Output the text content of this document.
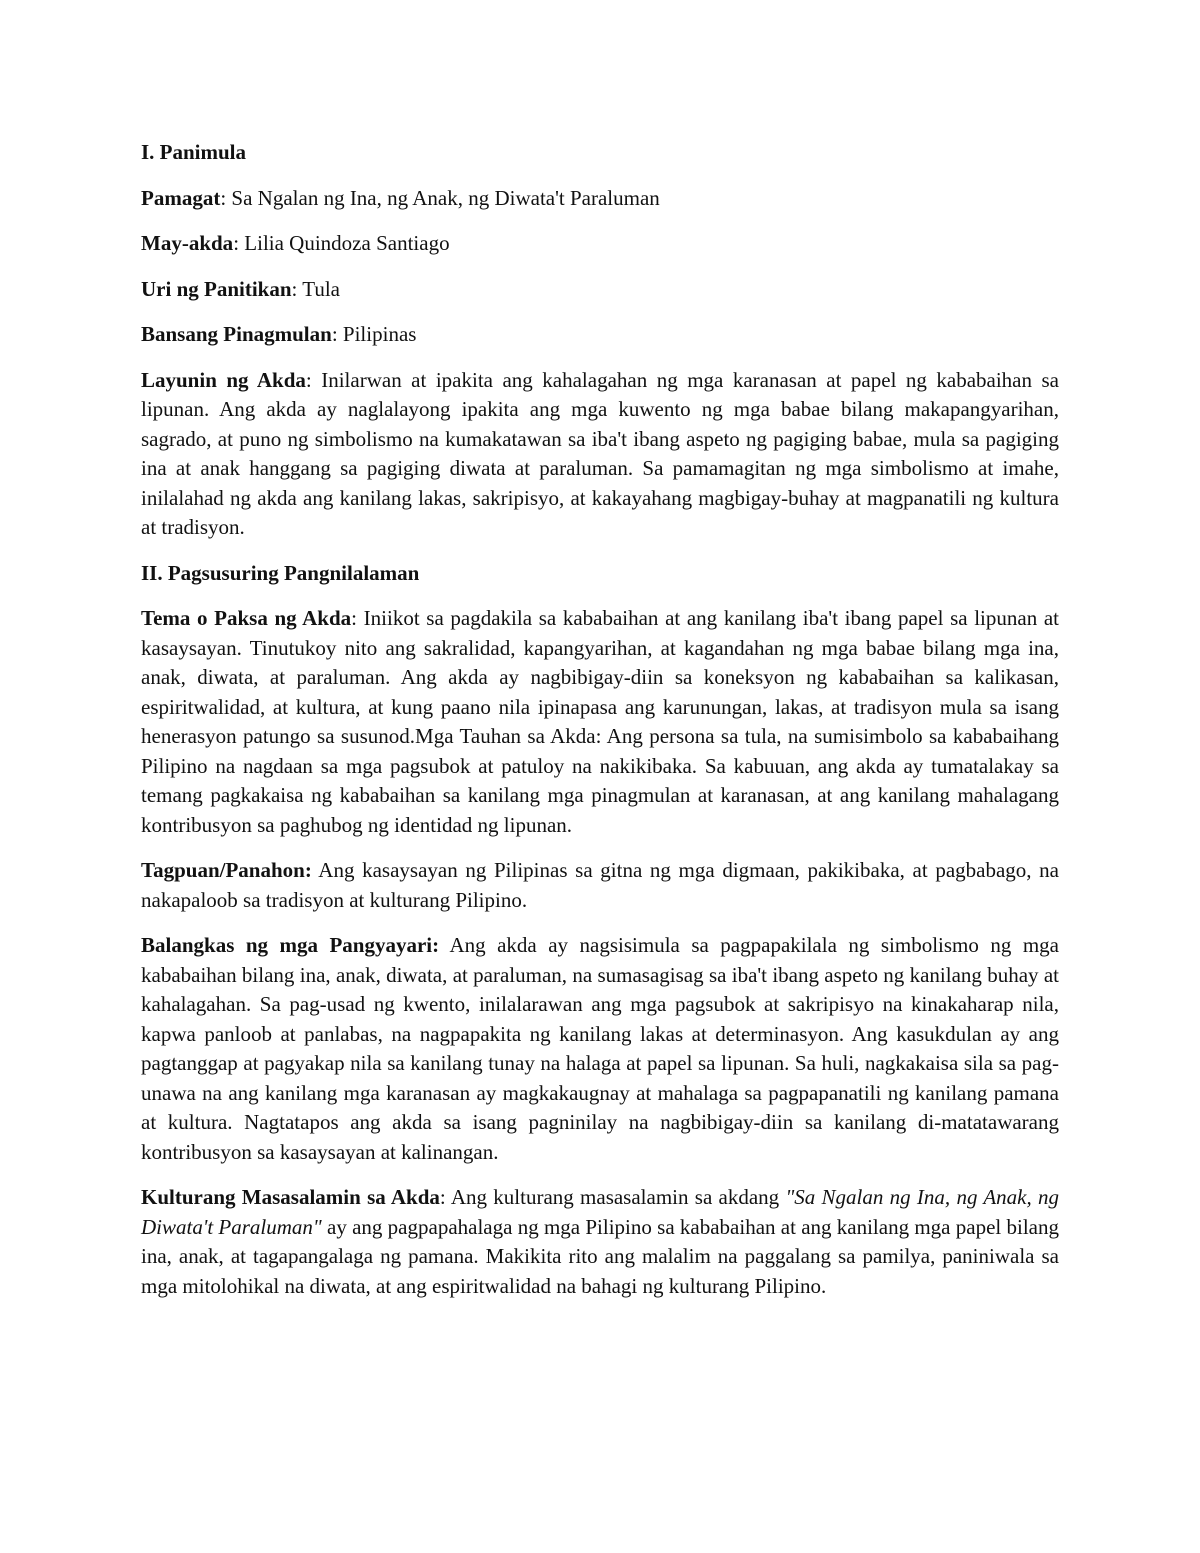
I. Panimula
Pamagat: Sa Ngalan ng Ina, ng Anak, ng Diwata't Paraluman
May-akda: Lilia Quindoza Santiago
Uri ng Panitikan: Tula
Bansang Pinagmulan: Pilipinas
Layunin ng Akda: Inilarwan at ipakita ang kahalagahan ng mga karanasan at papel ng kababaihan sa lipunan. Ang akda ay naglalayong ipakita ang mga kuwento ng mga babae bilang makapangyarihan, sagrado, at puno ng simbolismo na kumakatawan sa iba't ibang aspeto ng pagiging babae, mula sa pagiging ina at anak hanggang sa pagiging diwata at paraluman. Sa pamamagitan ng mga simbolismo at imahe, inilalahad ng akda ang kanilang lakas, sakripisyo, at kakayahang magbigay-buhay at magpanatili ng kultura at tradisyon.
II. Pagsusuring Pangnilalaman
Tema o Paksa ng Akda: Iniikot sa pagdakila sa kababaihan at ang kanilang iba't ibang papel sa lipunan at kasaysayan. Tinutukoy nito ang sakralidad, kapangyarihan, at kagandahan ng mga babae bilang mga ina, anak, diwata, at paraluman. Ang akda ay nagbibigay-diin sa koneksyon ng kababaihan sa kalikasan, espiritwalidad, at kultura, at kung paano nila ipinapasa ang karunungan, lakas, at tradisyon mula sa isang henerasyon patungo sa susunod.Mga Tauhan sa Akda: Ang persona sa tula, na sumisimbolo sa kababaihang Pilipino na nagdaan sa mga pagsubok at patuloy na nakikibaka. Sa kabuuan, ang akda ay tumatalakay sa temang pagkakaisa ng kababaihan sa kanilang mga pinagmulan at karanasan, at ang kanilang mahalagang kontribusyon sa paghubog ng identidad ng lipunan.
Tagpuan/Panahon: Ang kasaysayan ng Pilipinas sa gitna ng mga digmaan, pakikibaka, at pagbabago, na nakapaloob sa tradisyon at kulturang Pilipino.
Balangkas ng mga Pangyayari: Ang akda ay nagsisimula sa pagpapakilala ng simbolismo ng mga kababaihan bilang ina, anak, diwata, at paraluman, na sumasagisag sa iba't ibang aspeto ng kanilang buhay at kahalagahan. Sa pag-usad ng kwento, inilalarawan ang mga pagsubok at sakripisyo na kinakaharap nila, kapwa panloob at panlabas, na nagpapakita ng kanilang lakas at determinasyon. Ang kasukdulan ay ang pagtanggap at pagyakap nila sa kanilang tunay na halaga at papel sa lipunan. Sa huli, nagkakaisa sila sa pag-unawa na ang kanilang mga karanasan ay magkakaugnay at mahalaga sa pagpapanatili ng kanilang pamana at kultura. Nagtatapos ang akda sa isang pagninilay na nagbibigay-diin sa kanilang di-matatawarang kontribusyon sa kasaysayan at kalinangan.
Kulturang Masasalamin sa Akda: Ang kulturang masasalamin sa akdang "Sa Ngalan ng Ina, ng Anak, ng Diwata't Paraluman" ay ang pagpapahalaga ng mga Pilipino sa kababaihan at ang kanilang mga papel bilang ina, anak, at tagapangalaga ng pamana. Makikita rito ang malalim na paggalang sa pamilya, paniniwala sa mga mitolohikal na diwata, at ang espiritwalidad na bahagi ng kulturang Pilipino.
